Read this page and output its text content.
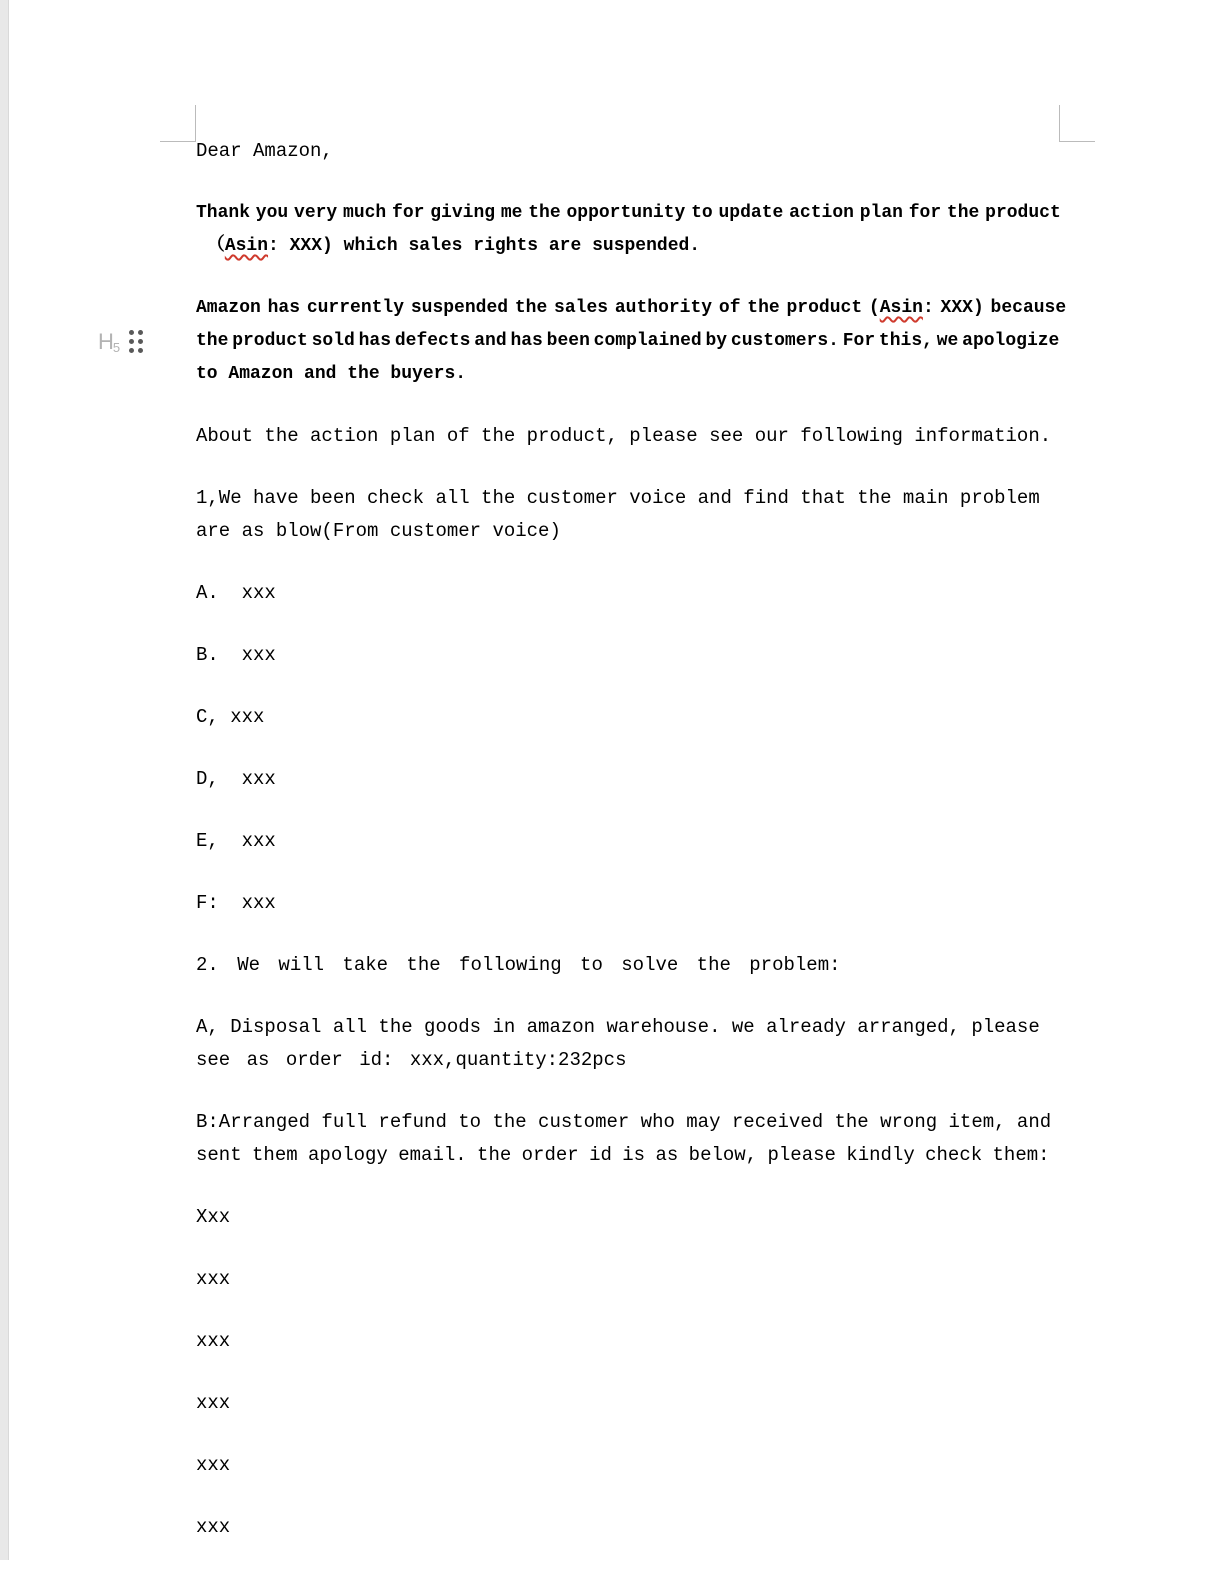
H5
Dear Amazon,
Thank you very much for giving me the opportunity to update action plan for the product
（Asin: XXX) which sales rights are suspended.
Amazon has currently suspended the sales authority of the product (Asin: XXX) because
the product sold has defects and has been complained by customers. For this, we apologize
to Amazon and the buyers.
About the action plan of the product, please see our following information.
1,We have been check all the customer voice and find that the main problem
are as blow(From customer voice)
A.  xxx
B.  xxx
C, xxx
D,  xxx
E,  xxx
F:  xxx
2. We will take the following to solve the problem:
A, Disposal all the goods in amazon warehouse. we already arranged, please
see as order id: xxx,quantity:232pcs
B:Arranged full refund to the customer who may received the wrong item, and
sent them apology email. the order id is as below, please kindly check them:
Xxx
xxx
xxx
xxx
xxx
xxx
